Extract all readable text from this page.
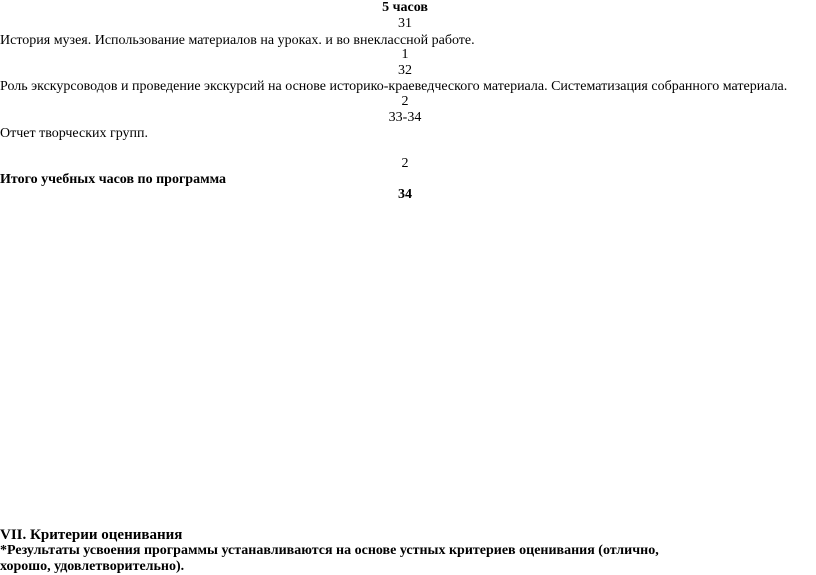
5 часов
31
История музея. Использование материалов на уроках. и во внеклассной работе.
1
32
Роль экскурсоводов и проведение экскурсий на основе историко-краеведческого материала. Систематизация собранного материала.
2
33-34
Отчет творческих групп.
2
Итого учебных часов по программа
34
VII. Критерии оценивания
*Результаты усвоения программы устанавливаются на основе устных критериев оценивания (отлично, хорошо, удовлетворительно).
